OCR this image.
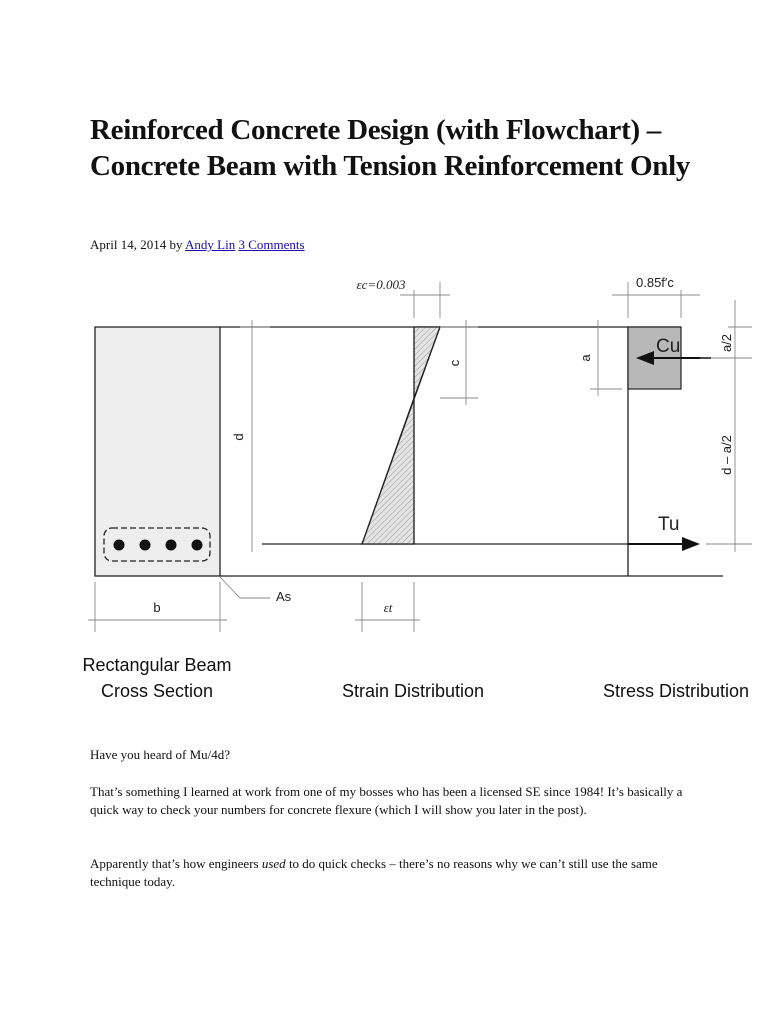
Reinforced Concrete Design (with Flowchart) – Concrete Beam with Tension Reinforcement Only
April 14, 2014 by Andy Lin 3 Comments
εc=0.003	0.85f′c
b
d
c
a
a/2
d – a/2
As
εt
Cu
Tu
Rectangular Beam Cross Section	Strain Distribution	Stress Distribution

Have you heard of Mu/4d?

That’s something I learned at work from one of my bosses who has been a licensed SE since 1984! It’s basically a quick way to check your numbers for concrete flexure (which I will show you later in the post).

Apparently that’s how engineers used to do quick checks – there’s no reasons why we can’t still use the same technique today.
